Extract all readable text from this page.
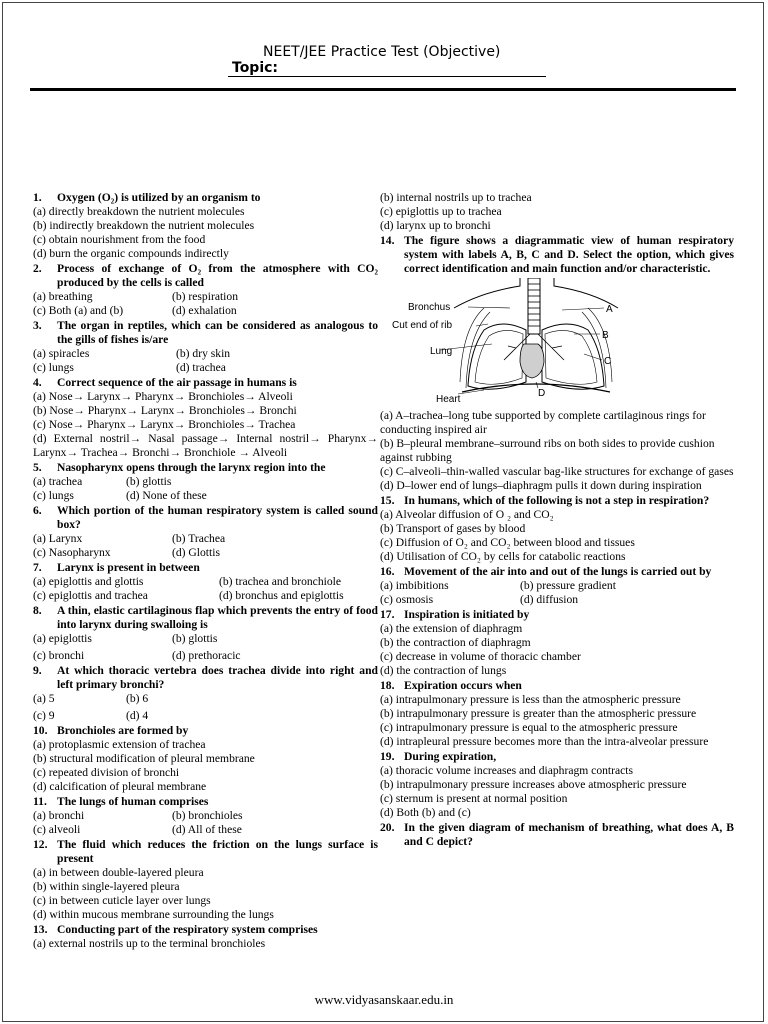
NEET/JEE Practice Test (Objective)
Topic:
1.	Oxygen (O₂) is utilized by an organism to
(a) directly breakdown the nutrient molecules
(b) indirectly breakdown the nutrient molecules
(c) obtain nourishment from the food
(d) burn the organic compounds indirectly
2.	Process of exchange of O₂ from the atmosphere with CO₂ produced by the cells is called
(a) breathing	(b) respiration
(c) Both (a) and (b)	(d) exhalation
3.	The organ in reptiles, which can be considered as analogous to the gills of fishes is/are
(a) spiracles	(b) dry skin
(c) lungs	(d) trachea
4.	Correct sequence of the air passage in humans is
(a) Nose→ Larynx→ Pharynx→ Bronchioles→ Alveoli
(b) Nose→ Pharynx→ Larynx→ Bronchioles→ Bronchi
(c) Nose→ Pharynx→ Larynx→ Bronchioles→ Trachea
(d) External nostril→ Nasal passage→ Internal nostril→ Pharynx→ Larynx→ Trachea→ Bronchi→ Bronchiole → Alveoli
5.	Nasopharynx opens through the larynx region into the
(a) trachea	(b) glottis
(c) lungs	(d) None of these
6.	Which portion of the human respiratory system is called sound box?
(a) Larynx	(b) Trachea
(c) Nasopharynx	(d) Glottis
7.	Larynx is present in between
(a) epiglottis and glottis	(b) trachea and bronchiole
(c) epiglottis and trachea	(d) bronchus and epiglottis
8.	A thin, elastic cartilaginous flap which prevents the entry of food into larynx during swalloing is
(a) epiglottis	(b) glottis
(c) bronchi	(d) prethoracic
9.	At which thoracic vertebra does trachea divide into right and left primary bronchi?
(a) 5	(b) 6
(c) 9	(d) 4
10. Bronchioles are formed by
(a) protoplasmic extension of trachea
(b) structural modification of pleural membrane
(c) repeated division of bronchi
(d) calcification of pleural membrane
11. The lungs of human comprises
(a) bronchi	(b) bronchioles
(c) alveoli	(d) All of these
12. The fluid which reduces the friction on the lungs surface is present
(a) in between double-layered pleura
(b) within single-layered pleura
(c) in between cuticle layer over lungs
(d) within mucous membrane surrounding the lungs
13. Conducting part of the respiratory system comprises
(a) external nostrils up to the terminal bronchioles
(b) internal nostrils up to trachea
(c) epiglottis up to trachea
(d) larynx up to bronchi
14. The figure shows a diagrammatic view of human respiratory system with labels A, B, C and D. Select the option, which gives correct identification and main function and/or characteristic.
Bronchus
Cut end of rib
Lung
Heart
A
B
C
D
(a) A–trachea–long tube supported by complete cartilaginous rings for conducting inspired air
(b) B–pleural membrane–surround ribs on both sides to provide cushion against rubbing
(c) C–alveoli–thin-walled vascular bag-like structures for exchange of gases
(d) D–lower end of lungs–diaphragm pulls it down during inspiration
15. In humans, which of the following is not a step in respiration?
(a) Alveolar diffusion of O ₂ and CO₂
(b) Transport of gases by blood
(c) Diffusion of O₂ and CO₂ between blood and tissues
(d) Utilisation of CO₂ by cells for catabolic reactions
16. Movement of the air into and out of the lungs is carried out by
(a) imbibitions	(b) pressure gradient
(c) osmosis	(d) diffusion
17. Inspiration is initiated by
(a) the extension of diaphragm
(b) the contraction of diaphragm
(c) decrease in volume of thoracic chamber
(d) the contraction of lungs
18. Expiration occurs when
(a) intrapulmonary pressure is less than the atmospheric pressure
(b) intrapulmonary pressure is greater than the atmospheric pressure
(c) intrapulmonary pressure is equal to the atmospheric pressure
(d) intrapleural pressure becomes more than the intra-alveolar pressure
19. During expiration,
(a) thoracic volume increases and diaphragm contracts
(b) intrapulmonary pressure increases above atmospheric pressure
(c) sternum is present at normal position
(d) Both (b) and (c)
20. In the given diagram of mechanism of breathing, what does A, B and C depict?
www.vidyasanskaar.edu.in
